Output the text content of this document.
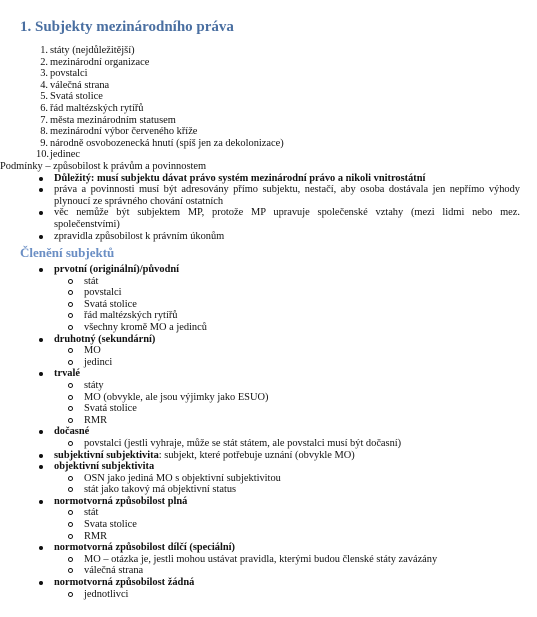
1. Subjekty mezinárodního práva
1. státy (nejdůležitější)
2. mezinárodní organizace
3. povstalci
4. válečná strana
5. Svatá stolice
6. řád maltézských rytířů
7. města mezinárodním statusem
8. mezinárodní výbor červeného kříže
9. národně osvobozenecká hnutí (spíš jen za dekolonizace)
10. jedinec
Podmínky – způsobilost k právům a povinnostem
Důležitý: musí subjektu dávat právo systém mezinárodní právo a nikoli vnitrostátní
práva a povinnosti musí být adresovány přímo subjektu, nestačí, aby osoba dostávala jen nepřímo výhody plynoucí ze správného chování ostatních
věc nemůže být subjektem MP, protože MP upravuje společenské vztahy (mezi lidmi nebo mez. společenstvími)
zpravidla způsobilost k právním úkonům
Členění subjektů
prvotní (originální)/původní
stát
povstalci
Svatá stolice
řád maltézských rytířů
všechny kromě MO a jedinců
druhotný (sekundární)
MO
jedinci
trvalé
státy
MO (obvykle, ale jsou výjimky jako ESUO)
Svatá stolice
RMR
dočasné
povstalci (jestli vyhraje, může se stát státem, ale povstalci musí být dočasní)
subjektivní subjektivita: subjekt, které potřebuje uznání (obvykle MO)
objektivní subjektivita
OSN jako jediná MO s objektivní subjektivitou
stát jako takový má objektivní status
normotvorná způsobilost plná
stát
Svata stolice
RMR
normotvorná způsobilost dílčí (speciální)
MO – otázka je, jestli mohou ustávat pravidla, kterými budou členské státy zavázány
válečná strana
normotvorná způsobilost žádná
jednotlivci
